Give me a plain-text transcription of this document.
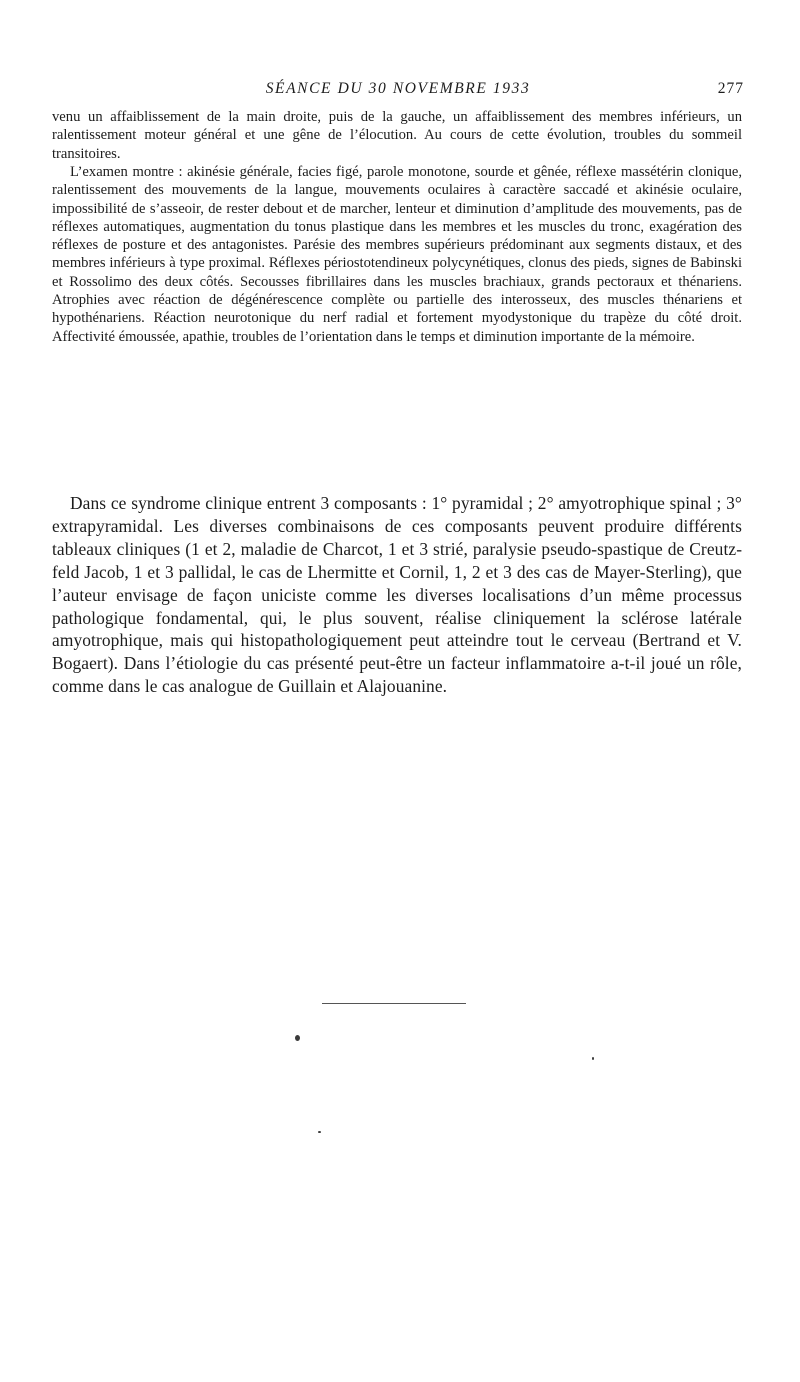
SÉANCE DU 30 NOVEMBRE 1933	277

venu un affaiblissement de la main droite, puis de la gauche, un affaiblissement des membres inférieurs, un ralentissement moteur général et une gêne de l’élocution. Au cours de cette évolution, troubles du sommeil transitoires.

L’examen montre : akinésie générale, facies figé, parole monotone, sourde et gênée, réflexe massétérin clonique, ralentissement des mouvements de la langue, mouvements oculaires à caractère saccadé et akinésie oculaire, impossibilité de s’asseoir, de rester debout et de marcher, lenteur et diminution d’amplitude des mouvements, pas de réflexes automatiques, augmentation du tonus plastique dans les membres et les muscles du tronc, exagération des réflexes de posture et des antagonistes. Parésie des membres supérieurs prédominant aux segments distaux, et des membres inférieurs à type proximal. Réflexes périostotendineux polycynétiques, clonus des pieds, signes de Babinski et Rossolimo des deux côtés. Secousses fibrillaires dans les muscles brachiaux, grands pectoraux et thénariens. Atrophies avec réaction de dégénérescence complète ou partielle des interosseux, des muscles thénariens et hypothénariens. Réaction neurotonique du nerf radial et fortement myodystonique du trapèze du côté droit. Affectivité émoussée, apathie, troubles de l’orientation dans le temps et diminution importante de la mémoire.

Dans ce syndrome clinique entrent 3 composants : 1° pyramidal ; 2° amyotrophique spinal ; 3° extrapyramidal. Les diverses combinaisons de ces composants peuvent produire différents tableaux cliniques (1 et 2, maladie de Charcot, 1 et 3 strié, paralysie pseudo-spastique de Creutzfeld Jacob, 1 et 3 pallidal, le cas de Lhermitte et Cornil, 1, 2 et 3 des cas de Mayer-Sterling), que l’auteur envisage de façon uniciste comme les diverses localisations d’un même processus pathologique fondamental, qui, le plus souvent, réalise cliniquement la sclérose latérale amyotrophique, mais qui histopathologiquement peut atteindre tout le cerveau (Bertrand et V. Bogaert). Dans l’étiologie du cas présenté peut-être un facteur inflammatoire a-t-il joué un rôle, comme dans le cas analogue de Guillain et Alajouanine.
